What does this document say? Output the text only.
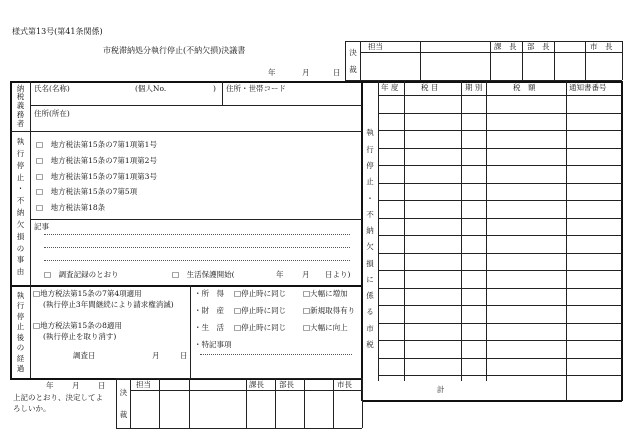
様式第13号(第41条関係)
市税滞納処分執行停止(不納欠損)決議書
年	月	日
決
裁
担当	課　長 部　長	市　長
納
税
義
務
者
氏名(名称)	(個人No.	) 住所・世帯コード
住所(所在)
執
行
停
止
・
不
納
欠
損
の
事
由
□　地方税法第15条の7第1項第1号
□　地方税法第15条の7第1項第2号
□　地方税法第15条の7第1項第3号
□　地方税法第15条の7第5項
□　地方税法第18条
記事
□　調査記録のとおり	□　生活保護開始(	年 月 日より)
執
行
停
止
後
の
経
過
□地方税法第15条の7第4項適用
(執行停止3年間継続により請求権消滅)
□地方税法第15条の8適用
(執行停止を取り消す)
調査日	月	日
・所　得 □停止時に同じ □大幅に増加
・財　産 □停止時に同じ □新規取得有り
・生　活 □停止時に同じ □大幅に向上
・特記事項
年 月 日
上記のとおり、決定してよ
ろしいか。
決
裁
担当	課長 部長	市長
執
行
停
止
・
不
納
欠
損
に
係
る
市
税
年 度	税 目	期 別	税　額	通知書番号
計
